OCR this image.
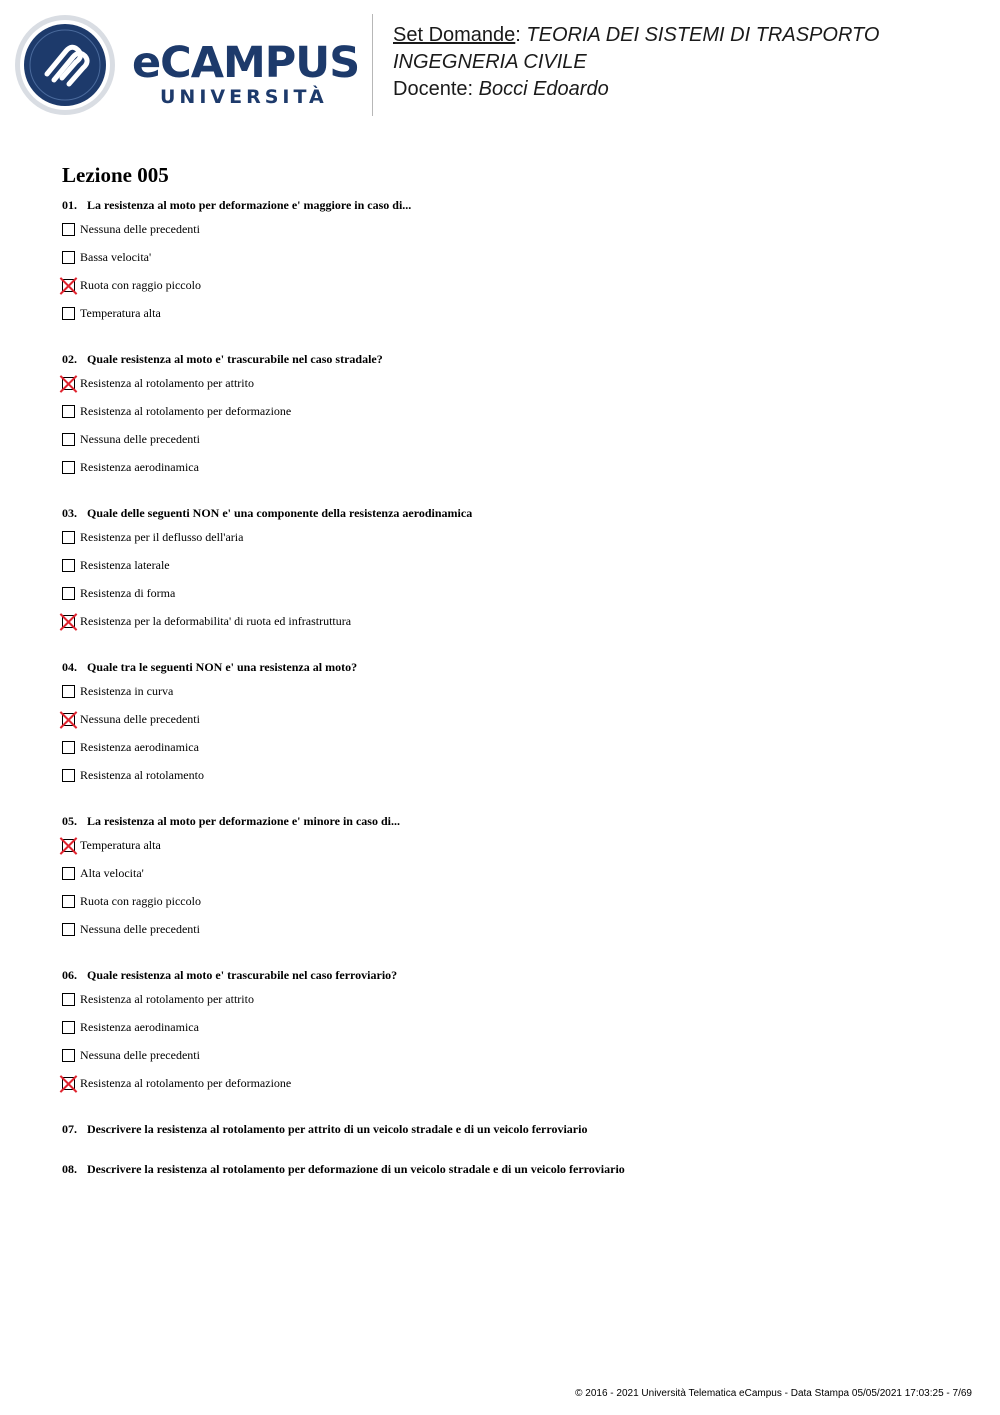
eCAMPUS
UNIVERSITÀ
Set Domande: TEORIA DEI SISTEMI DI TRASPORTO
INGEGNERIA CIVILE
Docente: Bocci Edoardo
Lezione 005
01. La resistenza al moto per deformazione e' maggiore in caso di...
Nessuna delle precedenti
Bassa velocita'
Ruota con raggio piccolo
Temperatura alta
02. Quale resistenza al moto e' trascurabile nel caso stradale?
Resistenza al rotolamento per attrito
Resistenza al rotolamento per deformazione
Nessuna delle precedenti
Resistenza aerodinamica
03. Quale delle seguenti NON e' una componente della resistenza aerodinamica
Resistenza per il deflusso dell'aria
Resistenza laterale
Resistenza di forma
Resistenza per la deformabilita' di ruota ed infrastruttura
04. Quale tra le seguenti NON e' una resistenza al moto?
Resistenza in curva
Nessuna delle precedenti
Resistenza aerodinamica
Resistenza al rotolamento
05. La resistenza al moto per deformazione e' minore in caso di...
Temperatura alta
Alta velocita'
Ruota con raggio piccolo
Nessuna delle precedenti
06. Quale resistenza al moto e' trascurabile nel caso ferroviario?
Resistenza al rotolamento per attrito
Resistenza aerodinamica
Nessuna delle precedenti
Resistenza al rotolamento per deformazione
07. Descrivere la resistenza al rotolamento per attrito di un veicolo stradale e di un veicolo ferroviario
08. Descrivere la resistenza al rotolamento per deformazione di un veicolo stradale e di un veicolo ferroviario
© 2016 - 2021 Università Telematica eCampus - Data Stampa 05/05/2021 17:03:25 - 7/69
